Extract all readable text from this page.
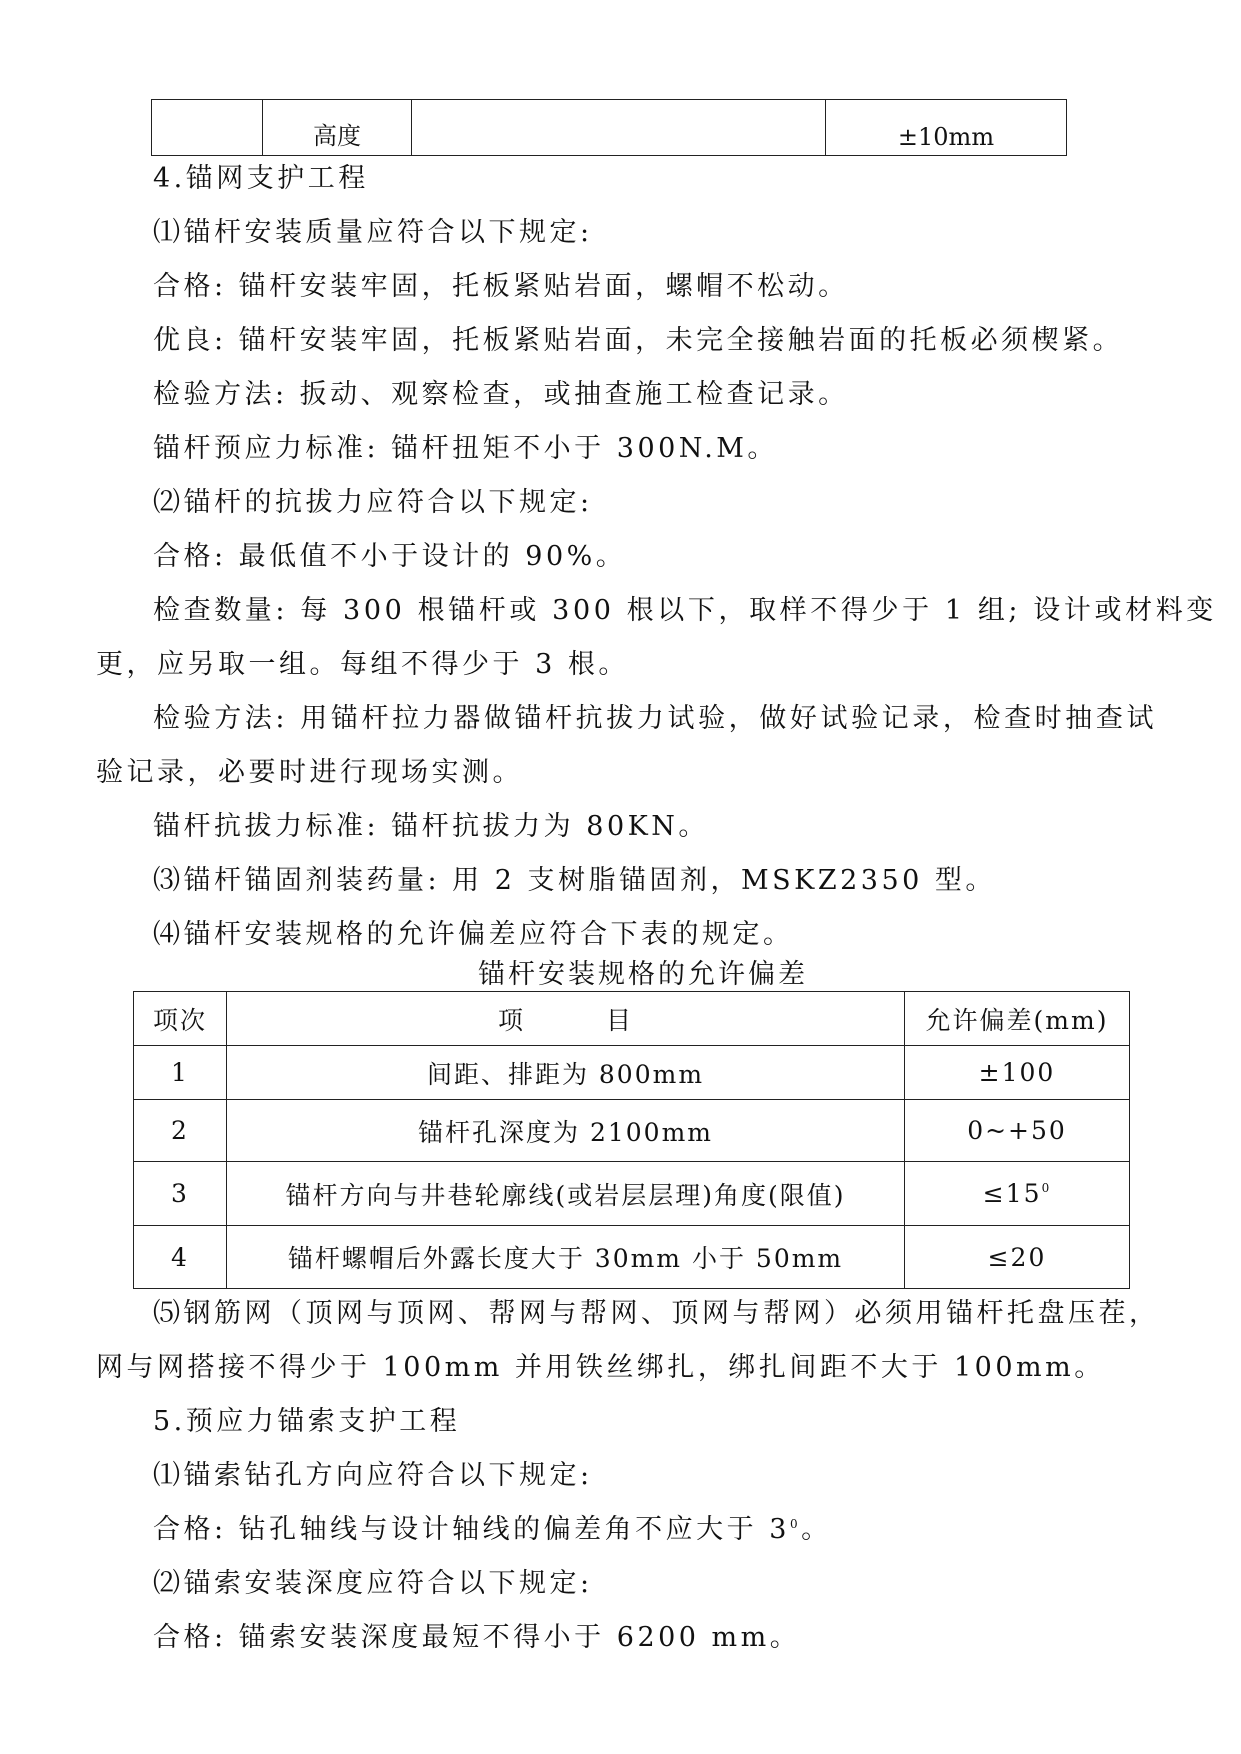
	高度		±10mm
4.锚网支护工程
⑴锚杆安装质量应符合以下规定:
合格: 锚杆安装牢固，托板紧贴岩面，螺帽不松动。
优良: 锚杆安装牢固，托板紧贴岩面，未完全接触岩面的托板必须楔紧。
检验方法: 扳动、观察检查，或抽查施工检查记录。
锚杆预应力标准: 锚杆扭矩不小于 300N.M。
⑵锚杆的抗拔力应符合以下规定:
合格: 最低值不小于设计的 90%。
检查数量: 每 300 根锚杆或 300 根以下，取样不得少于 1 组; 设计或材料变
更，应另取一组。每组不得少于 3 根。
检验方法: 用锚杆拉力器做锚杆抗拔力试验，做好试验记录，检查时抽查试
验记录，必要时进行现场实测。
锚杆抗拔力标准: 锚杆抗拔力为 80KN。
⑶锚杆锚固剂装药量: 用 2 支树脂锚固剂，MSKZ2350 型。
⑷锚杆安装规格的允许偏差应符合下表的规定。
锚杆安装规格的允许偏差
项次	项　　　目	允许偏差(mm)
1	间距、排距为 800mm	±100
2	锚杆孔深度为 2100mm	0~+50
3	锚杆方向与井巷轮廓线(或岩层层理)角度(限值)	$\le 15^0$
4	锚杆螺帽后外露长度大于 30mm 小于 50mm	≤20
⑸钢筋网（顶网与顶网、帮网与帮网、顶网与帮网）必须用锚杆托盘压茬，
网与网搭接不得少于 100mm 并用铁丝绑扎，绑扎间距不大于 100mm。
5.预应力锚索支护工程
⑴锚索钻孔方向应符合以下规定:
合格: 钻孔轴线与设计轴线的偏差角不应大于 $3^0$。
⑵锚索安装深度应符合以下规定:
合格: 锚索安装深度最短不得小于 6200 mm。
